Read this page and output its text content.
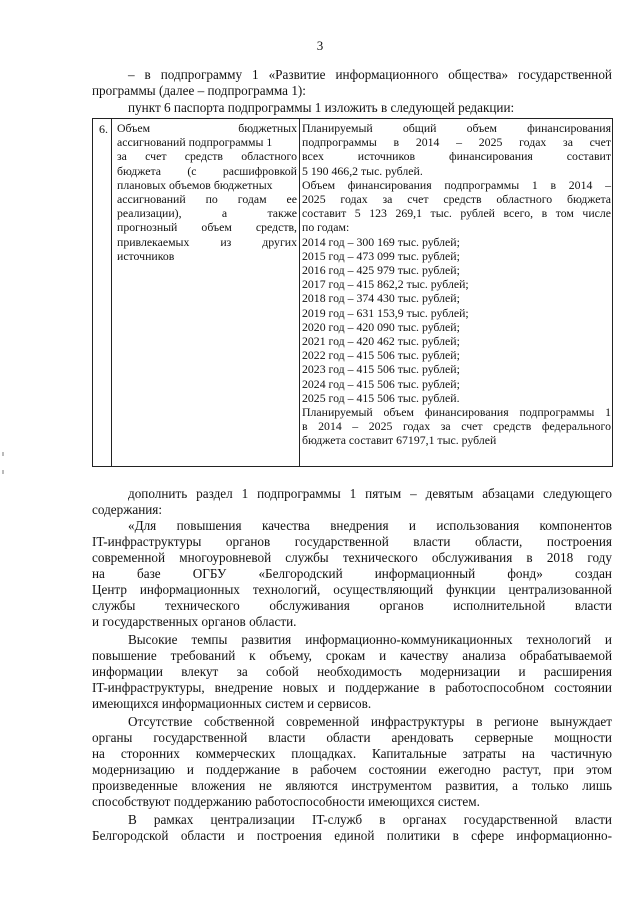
3
– в подпрограмму 1 «Развитие информационного общества» государственной
программы (далее – подпрограмма 1):
пункт 6 паспорта подпрограммы 1 изложить в следующей редакции:
6. Объем бюджетных
ассигнований подпрограммы 1
за счет средств областного
бюджета (с расшифровкой
плановых объемов бюджетных
ассигнований по годам ее
реализации), а также
прогнозный объем средств,
привлекаемых из других
источников
Планируемый общий объем финансирования
подпрограммы в 2014 – 2025 годах за счет
всех источников финансирования составит
5 190 466,2 тыс. рублей.
Объем финансирования подпрограммы 1 в 2014 –
2025 годах за счет средств областного бюджета
составит 5 123 269,1 тыс. рублей всего, в том числе
по годам:
2014 год – 300 169 тыс. рублей;
2015 год – 473 099 тыс. рублей;
2016 год – 425 979 тыс. рублей;
2017 год – 415 862,2 тыс. рублей;
2018 год – 374 430 тыс. рублей;
2019 год – 631 153,9 тыс. рублей;
2020 год – 420 090 тыс. рублей;
2021 год – 420 462 тыс. рублей;
2022 год – 415 506 тыс. рублей;
2023 год – 415 506 тыс. рублей;
2024 год – 415 506 тыс. рублей;
2025 год – 415 506 тыс. рублей.
Планируемый объем финансирования подпрограммы 1
в 2014 – 2025 годах за счет средств федерального
бюджета составит 67197,1 тыс. рублей
дополнить раздел 1 подпрограммы 1 пятым – девятым абзацами следующего
содержания:
«Для повышения качества внедрения и использования компонентов
IT-инфраструктуры органов государственной власти области, построения
современной многоуровневой службы технического обслуживания в 2018 году
на базе ОГБУ «Белгородский информационный фонд» создан
Центр информационных технологий, осуществляющий функции централизованной
службы технического обслуживания органов исполнительной власти
и государственных органов области.
Высокие темпы развития информационно-коммуникационных технологий и
повышение требований к объему, срокам и качеству анализа обрабатываемой
информации влекут за собой необходимость модернизации и расширения
IT-инфраструктуры, внедрение новых и поддержание в работоспособном состоянии
имеющихся информационных систем и сервисов.
Отсутствие собственной современной инфраструктуры в регионе вынуждает
органы государственной власти области арендовать серверные мощности
на сторонних коммерческих площадках. Капитальные затраты на частичную
модернизацию и поддержание в рабочем состоянии ежегодно растут, при этом
произведенные вложения не являются инструментом развития, а только лишь
способствуют поддержанию работоспособности имеющихся систем.
В рамках централизации IT-служб в органах государственной власти
Белгородской области и построения единой политики в сфере информационно-
